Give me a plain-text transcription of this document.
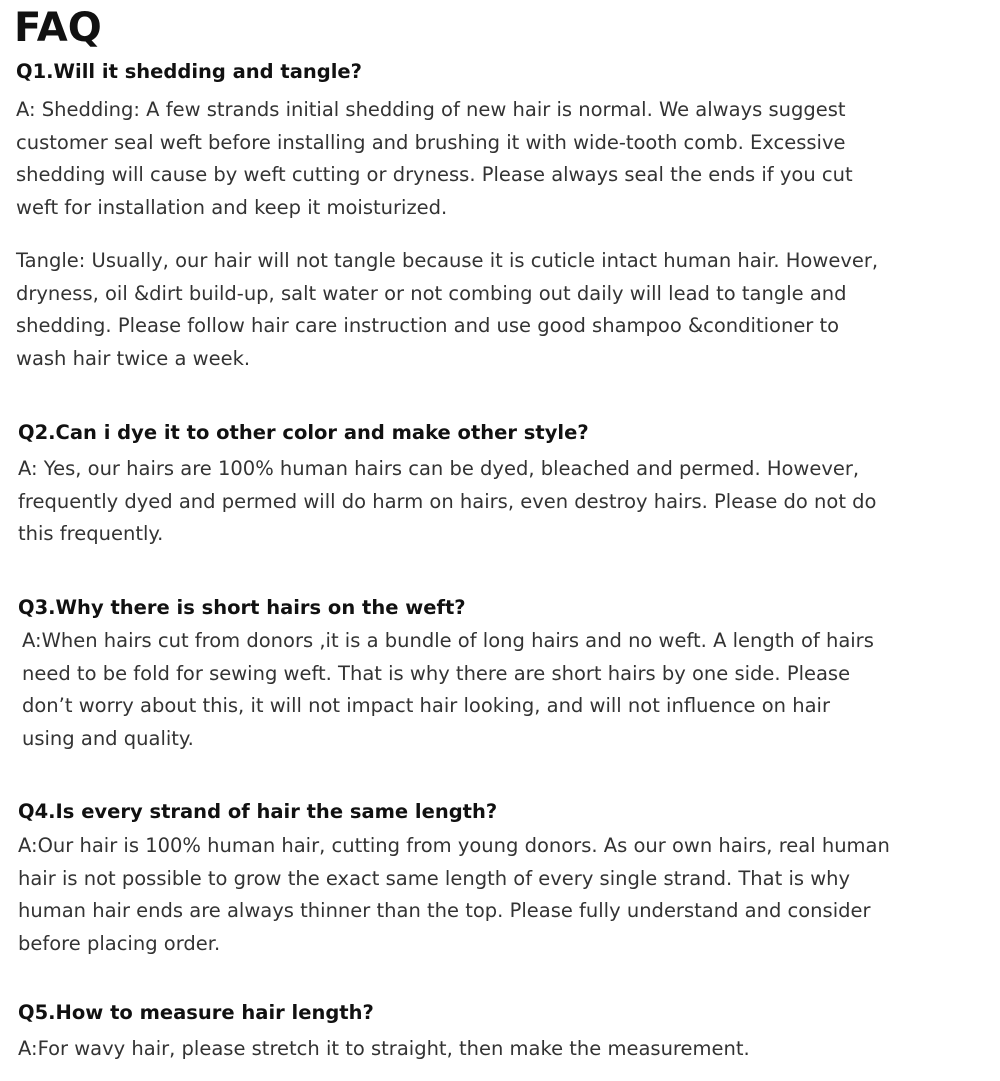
FAQ
Q1.Will it shedding and tangle?

A: Shedding: A few strands initial shedding of new hair is normal. We always suggest
customer seal weft before installing and brushing it with wide-tooth comb. Excessive
shedding will cause by weft cutting or dryness. Please always seal the ends if you cut
weft for installation and keep it moisturized.

Tangle: Usually, our hair will not tangle because it is cuticle intact human hair. However,
dryness, oil &dirt build-up, salt water or not combing out daily will lead to tangle and
shedding. Please follow hair care instruction and use good shampoo &conditioner to
wash hair twice a week.

Q2.Can i dye it to other color and make other style?

A: Yes, our hairs are 100% human hairs can be dyed, bleached and permed. However,
frequently dyed and permed will do harm on hairs, even destroy hairs. Please do not do
this frequently.

Q3.Why there is short hairs on the weft?

A:When hairs cut from donors ,it is a bundle of long hairs and no weft. A length of hairs
need to be fold for sewing weft. That is why there are short hairs by one side. Please
don’t worry about this, it will not impact hair looking, and will not influence on hair
using and quality.

Q4.Is every strand of hair the same length?

A:Our hair is 100% human hair, cutting from young donors. As our own hairs, real human
hair is not possible to grow the exact same length of every single strand. That is why
human hair ends are always thinner than the top. Please fully understand and consider
before placing order.

Q5.How to measure hair length?

A:For wavy hair, please stretch it to straight, then make the measurement.
